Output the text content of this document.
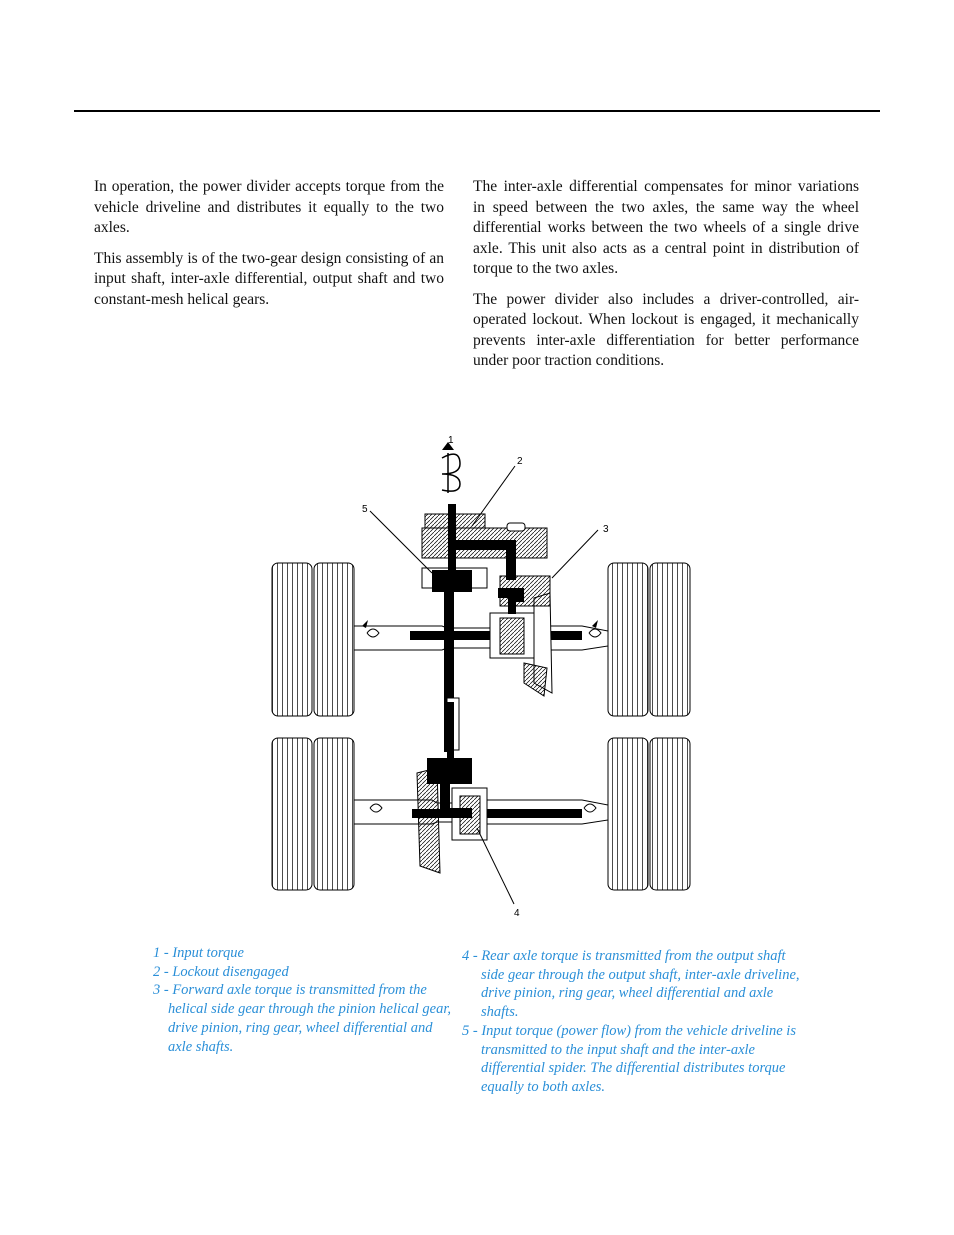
In operation, the power divider accepts torque from the vehicle driveline and distributes it equally to the two axles.

This assembly is of the two-gear design consisting of an input shaft, inter-axle differential, output shaft and two constant-mesh helical gears.

The inter-axle differential compensates for minor variations in speed between the two axles, the same way the wheel differential works between the two wheels of a single drive axle. This unit also acts as a central point in distribution of torque to the two axles.

The power divider also includes a driver-controlled, air-operated lockout. When lockout is engaged, it mechanically prevents inter-axle differentiation for better performance under poor traction conditions.

1
2
3
4
5
1 - Input torque
2 - Lockout disengaged
3 - Forward axle torque is transmitted from the helical side gear through the pinion helical gear, drive pinion, ring gear, wheel differential and axle shafts.
4 - Rear axle torque is transmitted from the output shaft side gear through the output shaft, inter-axle driveline, drive pinion, ring gear, wheel differential and axle shafts.
5 - Input torque (power flow) from the vehicle driveline is transmitted to the input shaft and the inter-axle differential spider. The differential distributes torque equally to both axles.
